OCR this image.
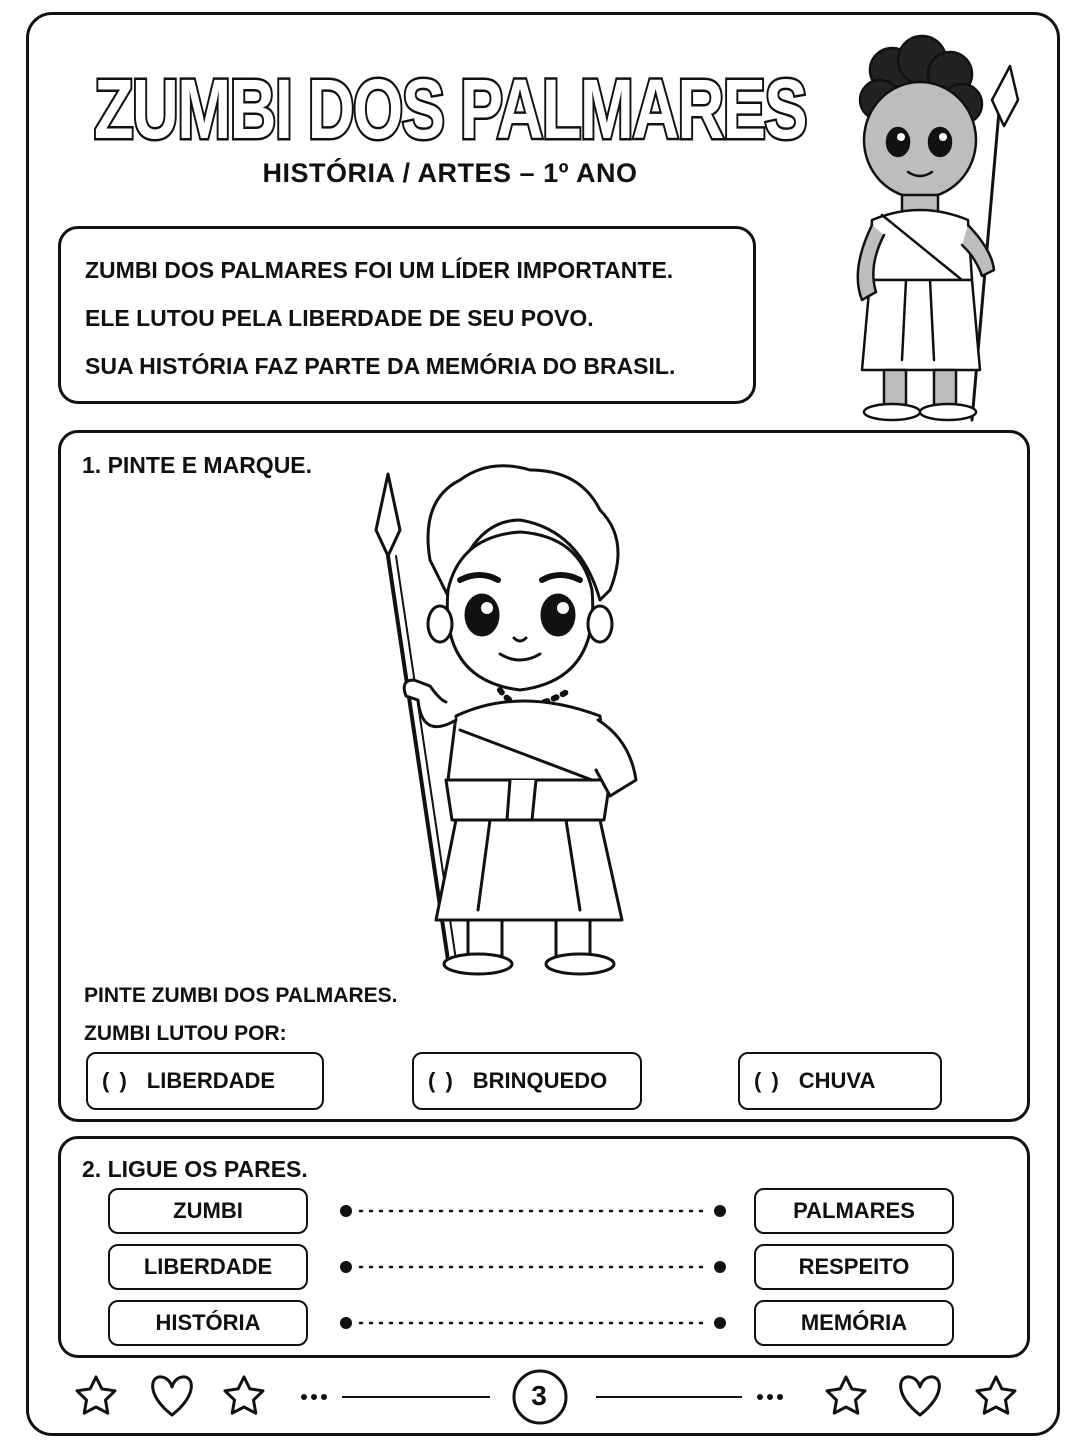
ZUMBI DOS PALMARES
HISTÓRIA / ARTES – 1º ANO
ZUMBI DOS PALMARES FOI UM LÍDER IMPORTANTE.
ELE LUTOU PELA LIBERDADE DE SEU POVO.
SUA HISTÓRIA FAZ PARTE DA MEMÓRIA DO BRASIL.
1. PINTE E MARQUE.
PINTE ZUMBI DOS PALMARES.
ZUMBI LUTOU POR:
( ) LIBERDADE	( ) BRINQUEDO	( ) CHUVA
2. LIGUE OS PARES.
ZUMBI
LIBERDADE
HISTÓRIA
PALMARES
RESPEITO
MEMÓRIA
3
